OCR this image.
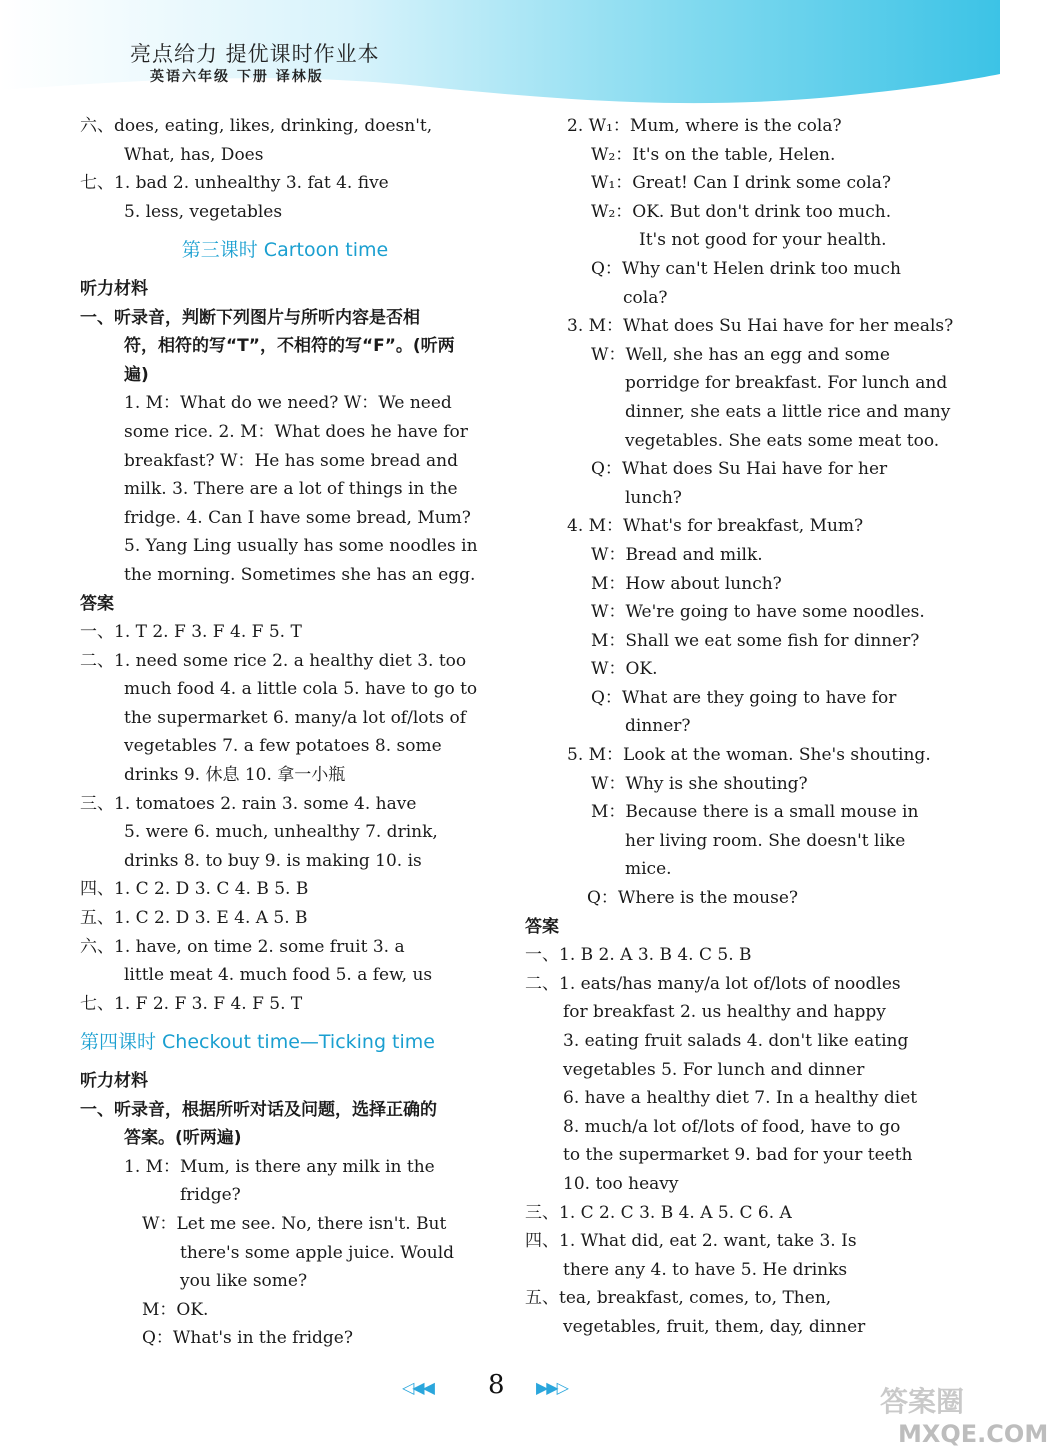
亮点给力 提优课时作业本
英语六年级 下册 译林版
六、does, eating, likes, drinking, doesn't,
What, has, Does
七、1. bad 2. unhealthy 3. fat 4. five
5. less, vegetables
第三课时 Cartoon time
听力材料
一、听录音，判断下列图片与所听内容是否相
符，相符的写“T”，不相符的写“F”。(听两
遍)
1. M：What do we need? W：We need
some rice. 2. M：What does he have for
breakfast? W：He has some bread and
milk. 3. There are a lot of things in the
fridge. 4. Can I have some bread, Mum?
5. Yang Ling usually has some noodles in
the morning. Sometimes she has an egg.
答案
一、1. T 2. F 3. F 4. F 5. T
二、1. need some rice 2. a healthy diet 3. too
much food 4. a little cola 5. have to go to
the supermarket 6. many/a lot of/lots of
vegetables 7. a few potatoes 8. some
drinks 9. 休息 10. 拿一小瓶
三、1. tomatoes 2. rain 3. some 4. have
5. were 6. much, unhealthy 7. drink,
drinks 8. to buy 9. is making 10. is
四、1. C 2. D 3. C 4. B 5. B
五、1. C 2. D 3. E 4. A 5. B
六、1. have, on time 2. some fruit 3. a
little meat 4. much food 5. a few, us
七、1. F 2. F 3. F 4. F 5. T
第四课时 Checkout time—Ticking time
听力材料
一、听录音，根据所听对话及问题，选择正确的
答案。(听两遍)
1. M：Mum, is there any milk in the
fridge?
W：Let me see. No, there isn't. But
there's some apple juice. Would
you like some?
M：OK.
Q：What's in the fridge?
2. W₁：Mum, where is the cola?
W₂：It's on the table, Helen.
W₁：Great! Can I drink some cola?
W₂：OK. But don't drink too much.
It's not good for your health.
Q：Why can't Helen drink too much
cola?
3. M：What does Su Hai have for her meals?
W：Well, she has an egg and some
porridge for breakfast. For lunch and
dinner, she eats a little rice and many
vegetables. She eats some meat too.
Q：What does Su Hai have for her
lunch?
4. M：What's for breakfast, Mum?
W：Bread and milk.
M：How about lunch?
W：We're going to have some noodles.
M：Shall we eat some fish for dinner?
W：OK.
Q：What are they going to have for
dinner?
5. M：Look at the woman. She's shouting.
W：Why is she shouting?
M：Because there is a small mouse in
her living room. She doesn't like
mice.
Q：Where is the mouse?
答案
一、1. B 2. A 3. B 4. C 5. B
二、1. eats/has many/a lot of/lots of noodles
for breakfast 2. us healthy and happy
3. eating fruit salads 4. don't like eating
vegetables 5. For lunch and dinner
6. have a healthy diet 7. In a healthy diet
8. much/a lot of/lots of food, have to go
to the supermarket 9. bad for your teeth
10. too heavy
三、1. C 2. C 3. B 4. A 5. C 6. A
四、1. What did, eat 2. want, take 3. Is
there any 4. to have 5. He drinks
五、tea, breakfast, comes, to, Then,
vegetables, fruit, them, day, dinner
◁◀◀ 8 ▶▶▷	答案圈
MXQE.COM
